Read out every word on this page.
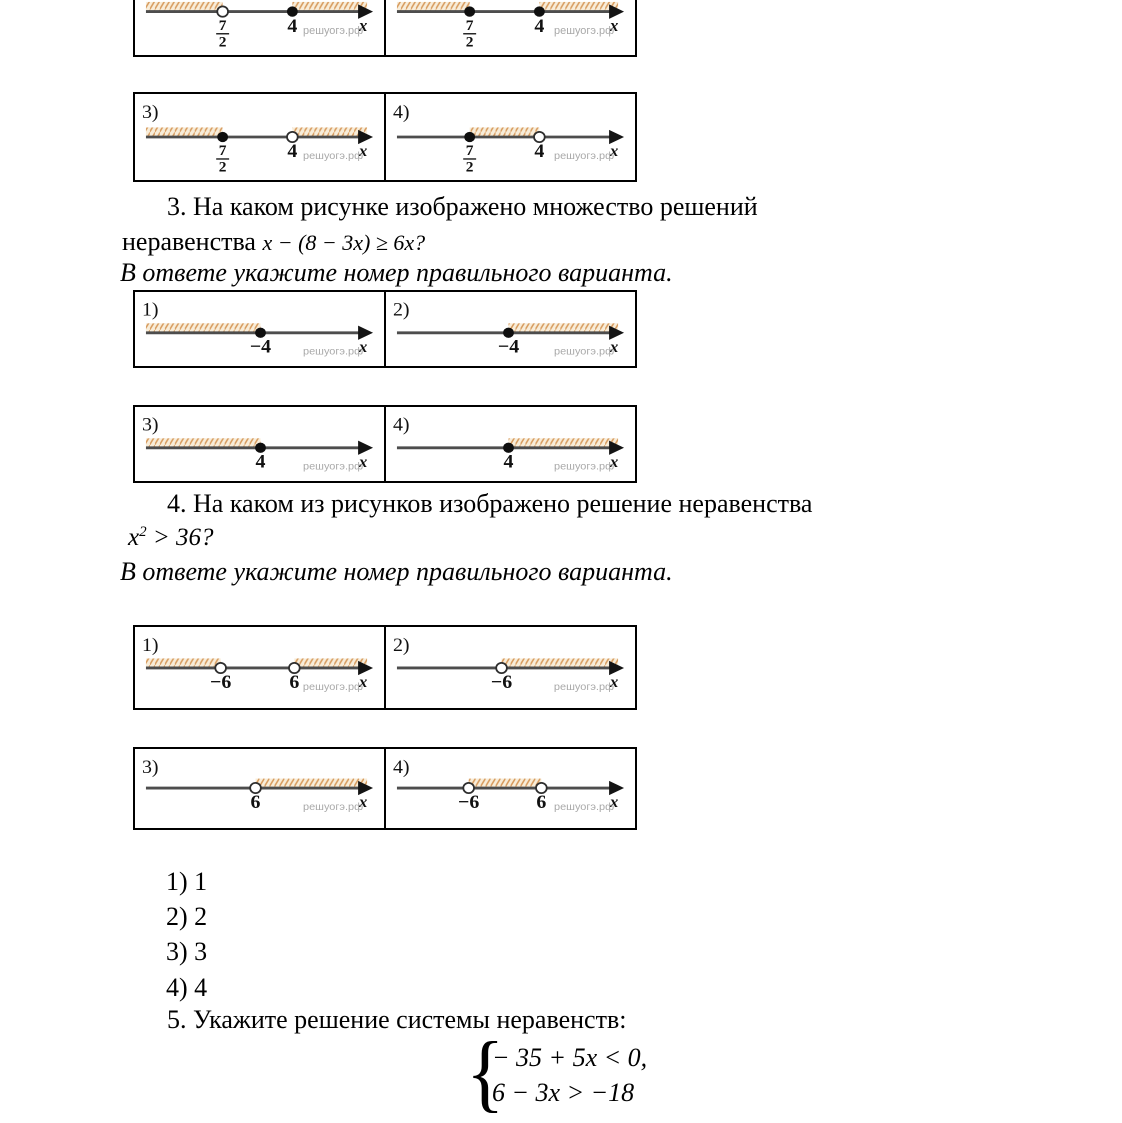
x
решуогэ.рф
7
2
4	x
решуогэ.рф
7
2
4
x
решуогэ.рф
7
2
4
3)
x
решуогэ.рф
7
2
4
4)
x
решуогэ.рф
−4
1)
x
решуогэ.рф
−4
2)
x
решуогэ.рф
4
3)
x
решуогэ.рф
4
4)
x
решуогэ.рф
−6	6
1)
x
решуогэ.рф
−6
2)
x
решуогэ.рф
6
3)
x
решуогэ.рф
−6	6
4)
3. На каком рисунке изображено множество решений
неравенства x − (8 − 3x) ≥ 6x?
В ответе укажите номер правильного варианта.
4. На каком из рисунков изображено решение неравенства
$x^2 > 36$?
В ответе укажите номер правильного варианта.
1) 1
2) 2
3) 3
4) 4
5. Укажите решение системы неравенств:
{
− 35 + 5x < 0,
6 − 3x > −18
